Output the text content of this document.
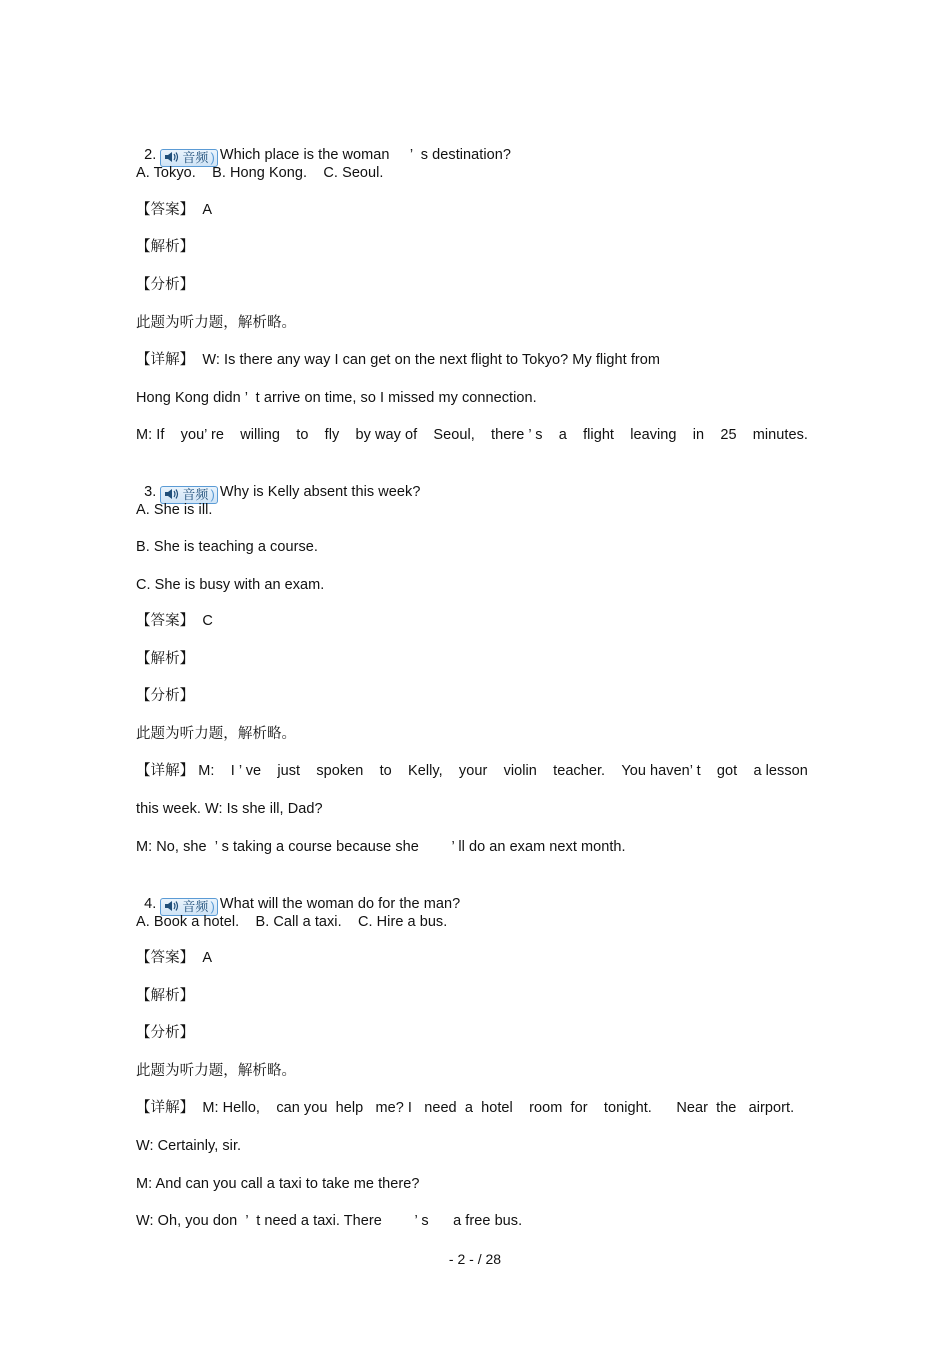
2. 音频 ) Which place is the woman     ’  s destination?

A. Tokyo.    B. Hong Kong.    C. Seoul.
【答案】  A
【解析】
【分析】
此题为听力题，解析略。
【详解】  W: Is there any way I can get on the next flight to Tokyo? My flight from
Hong Kong didn ’  t arrive on time, so I missed my connection.
M: If you’ re willing to fly by way of Seoul, there ’ s a flight leaving in 25 minutes.

3. 音频 ) Why is Kelly absent this week?

A. She is ill.
B. She is teaching a course.
C. She is busy with an exam.
【答案】  C
【解析】
【分析】
此题为听力题，解析略。
【详解】 M: I ’ ve just spoken to Kelly, your violin teacher. You haven’ t got a lesson
this week. W: Is she ill, Dad?
M: No, she  ’ s taking a course because she        ’ ll do an exam next month.

4. 音频 ) What will the woman do for the man?

A. Book a hotel.    B. Call a taxi.    C. Hire a bus.
【答案】  A
【解析】
【分析】
此题为听力题，解析略。
【详解】  M: Hello,    can you  help   me? I   need  a  hotel    room  for    tonight.      Near  the   airport.
W: Certainly, sir.
M: And can you call a taxi to take me there?
W: Oh, you don  ’  t need a taxi. There        ’ s      a free bus.
- 2 - / 28
